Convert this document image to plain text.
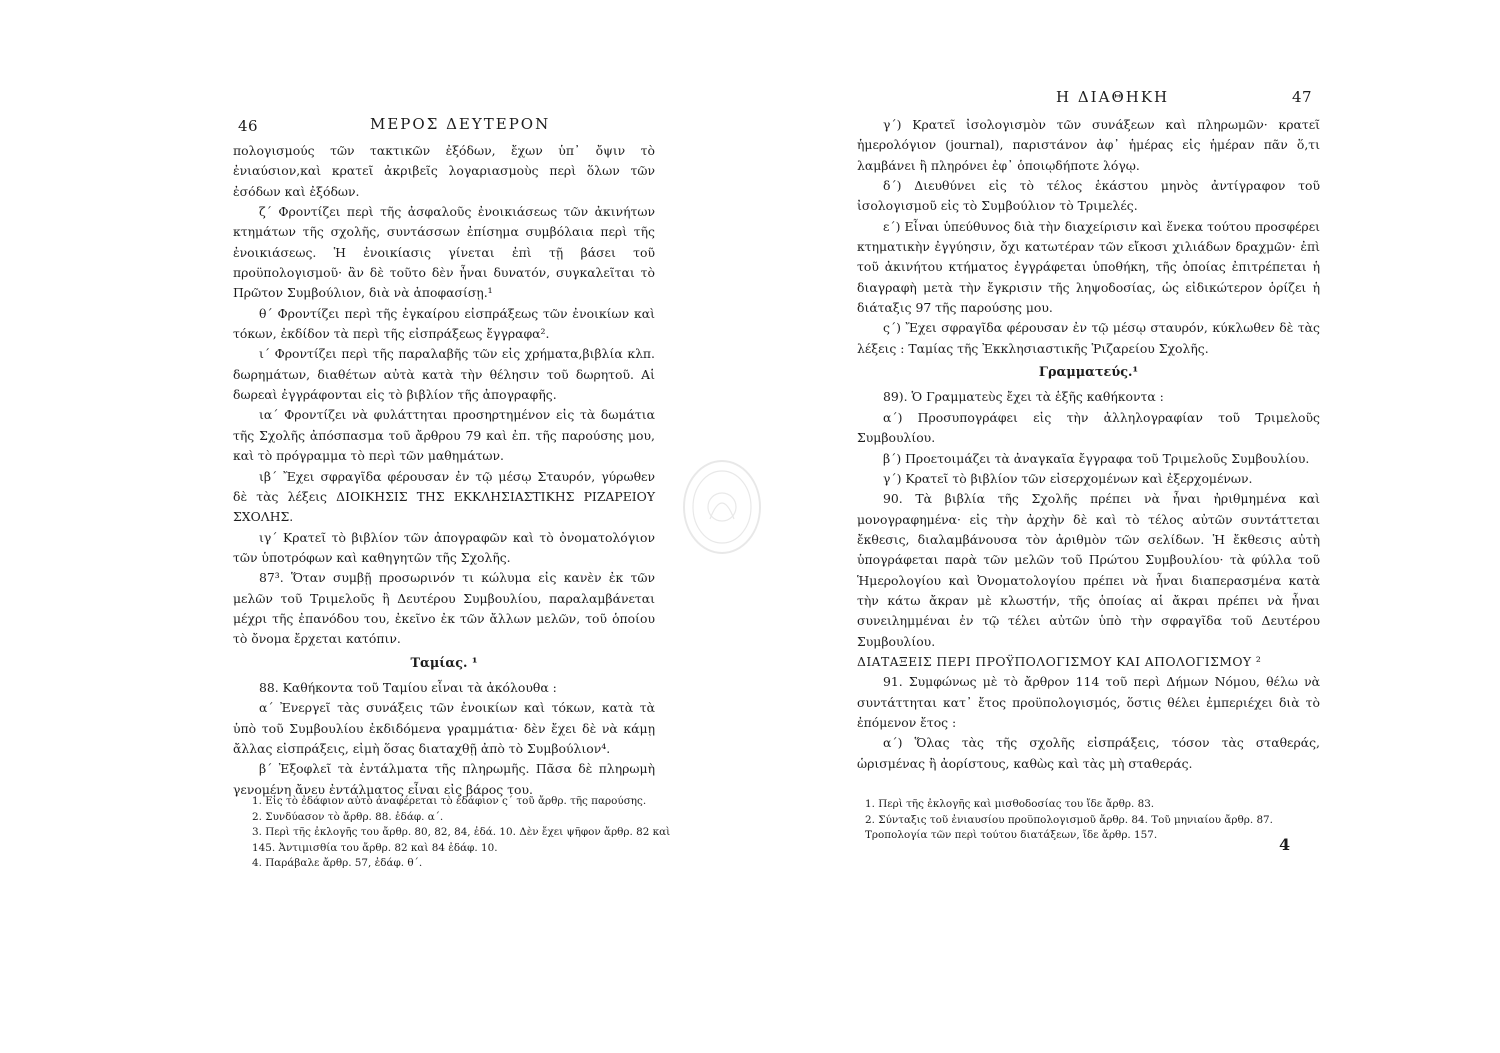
46	ΜΕΡΟΣ ΔΕΥΤΕΡΟΝ

πολογισμούς τῶν τακτικῶν ἐξόδων, ἔχων ὑπ᾽ ὄψιν τὸ ἐνιαύσιον,καὶ κρατεῖ ἀκριβεῖς λογαριασμοὺς περὶ ὅλων τῶν ἐσόδων καὶ ἐξόδων.

ζ΄ Φροντίζει περὶ τῆς ἀσφαλοῦς ἐνοικιάσεως τῶν ἀκινήτων κτημάτων τῆς σχολῆς, συντάσσων ἐπίσημα συμβόλαια περὶ τῆς ἐνοικιάσεως. Ἡ ἐνοικίασις γίνεται ἐπὶ τῇ βάσει τοῦ προϋπολογισμοῦ· ἂν δὲ τοῦτο δὲν ἦναι δυνατόν, συγκαλεῖται τὸ Πρῶτον Συμβούλιον, διὰ νὰ ἀποφασίσῃ.¹

θ΄ Φροντίζει περὶ τῆς ἐγκαίρου εἰσπράξεως τῶν ἐνοικίων καὶ τόκων, ἐκδίδον τὰ περὶ τῆς εἰσπράξεως ἔγγραφα².

ι΄ Φροντίζει περὶ τῆς παραλαβῆς τῶν εἰς χρήματα,βιβλία κλπ. δωρημάτων, διαθέτων αὐτὰ κατὰ τὴν θέλησιν τοῦ δωρητοῦ. Αἱ δωρεαὶ ἐγγράφονται εἰς τὸ βιβλίον τῆς ἀπογραφῆς.

ια΄ Φροντίζει νὰ φυλάττηται προσηρτημένον εἰς τὰ δωμάτια τῆς Σχολῆς ἀπόσπασμα τοῦ ἄρθρου 79 καὶ ἐπ. τῆς παρούσης μου, καὶ τὸ πρόγραμμα τὸ περὶ τῶν μαθημάτων.

ιβ΄ Ἔχει σφραγῖδα φέρουσαν ἐν τῷ μέσῳ Σταυρόν, γύρωθεν δὲ τὰς λέξεις ΔΙΟΙΚΗΣΙΣ ΤΗΣ ΕΚΚΛΗΣΙΑΣΤΙΚΗΣ ΡΙΖΑΡΕΙΟΥ ΣΧΟΛΗΣ.

ιγ΄ Κρατεῖ τὸ βιβλίον τῶν ἀπογραφῶν καὶ τὸ ὀνοματολόγιον τῶν ὑποτρόφων καὶ καθηγητῶν τῆς Σχολῆς.

87³. Ὅταν συμβῇ προσωρινόν τι κώλυμα εἰς κανὲν ἐκ τῶν μελῶν τοῦ Τριμελοῦς ἢ Δευτέρου Συμβουλίου, παραλαμβάνεται μέχρι τῆς ἐπανόδου του, ἐκεῖνο ἐκ τῶν ἄλλων μελῶν, τοῦ ὁποίου τὸ ὄνομα ἔρχεται κατόπιν.

Ταμίας. ¹

88. Καθήκοντα τοῦ Ταμίου εἶναι τὰ ἀκόλουθα :

α΄ Ἐνεργεῖ τὰς συνάξεις τῶν ἐνοικίων καὶ τόκων, κατὰ τὰ ὑπὸ τοῦ Συμβουλίου ἐκδιδόμενα γραμμάτια· δὲν ἔχει δὲ νὰ κάμῃ ἄλλας εἰσπράξεις, εἰμὴ ὅσας διαταχθῇ ἀπὸ τὸ Συμβούλιον⁴.

β΄ Ἐξοφλεῖ τὰ ἐντάλματα τῆς πληρωμῆς. Πᾶσα δὲ πληρωμὴ γενομένη ἄνευ ἐντάλματος εἶναι εἰς βάρος του.

1. Εἰς τὸ ἐδάφιον αὐτὸ ἀναφέρεται τὸ ἐδάφιον ς΄ τοῦ ἄρθρ. τῆς παρούσης.

2. Συνδύασον τὸ ἄρθρ. 88. ἐδάφ. α΄.

3. Περὶ τῆς ἐκλογῆς του ἄρθρ. 80, 82, 84, ἐδά. 10. Δὲν ἔχει ψῆφον ἄρθρ. 82 καὶ 145. Ἀντιμισθία του ἄρθρ. 82 καὶ 84 ἐδάφ. 10.

4. Παράβαλε ἄρθρ. 57, ἐδάφ. θ΄.

Η ΔΙΑΘΗΚΗ	47

γ΄) Κρατεῖ ἰσολογισμὸν τῶν συνάξεων καὶ πληρωμῶν· κρατεῖ ἡμερολόγιον (journal), παριστάνον ἀφ᾽ ἡμέρας εἰς ἡμέραν πᾶν ὅ,τι λαμβάνει ἢ πληρόνει ἐφ᾽ ὁποιῳδήποτε λόγῳ.

δ΄) Διευθύνει εἰς τὸ τέλος ἑκάστου μηνὸς ἀντίγραφον τοῦ ἰσολογισμοῦ εἰς τὸ Συμβούλιον τὸ Τριμελές.

ε΄) Εἶναι ὑπεύθυνος διὰ τὴν διαχείρισιν καὶ ἕνεκα τούτου προσφέρει κτηματικὴν ἐγγύησιν, ὄχι κατωτέραν τῶν εἴκοσι χιλιάδων δραχμῶν· ἐπὶ τοῦ ἀκινήτου κτήματος ἐγγράφεται ὑποθήκη, τῆς ὁποίας ἐπιτρέπεται ἡ διαγραφὴ μετὰ τὴν ἔγκρισιν τῆς ληψοδοσίας, ὡς εἰδικώτερον ὁρίζει ἡ διάταξις 97 τῆς παρούσης μου.

ς΄) Ἔχει σφραγῖδα φέρουσαν ἐν τῷ μέσῳ σταυρόν, κύκλωθεν δὲ τὰς λέξεις : Ταμίας τῆς Ἐκκλησιαστικῆς Ῥιζαρείου Σχολῆς.

Γραμματεύς.¹

89). Ὁ Γραμματεὺς ἔχει τὰ ἑξῆς καθήκοντα :

α΄) Προσυπογράφει εἰς τὴν ἀλληλογραφίαν τοῦ Τριμελοῦς Συμβουλίου.

β΄) Προετοιμάζει τὰ ἀναγκαῖα ἔγγραφα τοῦ Τριμελοῦς Συμβουλίου.

γ΄) Κρατεῖ τὸ βιβλίον τῶν εἰσερχομένων καὶ ἐξερχομένων.

90. Τὰ βιβλία τῆς Σχολῆς πρέπει νὰ ἦναι ἠριθμημένα καὶ μονογραφημένα· εἰς τὴν ἀρχὴν δὲ καὶ τὸ τέλος αὐτῶν συντάττεται ἔκθεσις, διαλαμβάνουσα τὸν ἀριθμὸν τῶν σελίδων. Ἡ ἔκθεσις αὐτὴ ὑπογράφεται παρὰ τῶν μελῶν τοῦ Πρώτου Συμβουλίου· τὰ φύλλα τοῦ Ἡμερολογίου καὶ Ὀνοματολογίου πρέπει νὰ ἦναι διαπερασμένα κατὰ τὴν κάτω ἄκραν μὲ κλωστήν, τῆς ὁποίας αἱ ἄκραι πρέπει νὰ ἦναι συνειλημμέναι ἐν τῷ τέλει αὐτῶν ὑπὸ τὴν σφραγῖδα τοῦ Δευτέρου Συμβουλίου.

ΔΙΑΤΑΞΕΙΣ ΠΕΡΙ ΠΡΟΫΠΟΛΟΓΙΣΜΟΥ ΚΑΙ ΑΠΟΛΟΓΙΣΜΟΥ ²

91. Συμφώνως μὲ τὸ ἄρθρον 114 τοῦ περὶ Δήμων Νόμου, θέλω νὰ συντάττηται κατ᾽ ἔτος προϋπολογισμός, ὅστις θέλει ἐμπεριέχει διὰ τὸ ἐπόμενον ἔτος :

α΄) Ὅλας τὰς τῆς σχολῆς εἰσπράξεις, τόσον τὰς σταθεράς, ὡρισμένας ἢ ἀορίστους, καθὼς καὶ τὰς μὴ σταθεράς.

1. Περὶ τῆς ἐκλογῆς καὶ μισθοδοσίας του ἴδε ἄρθρ. 83.

2. Σύνταξις τοῦ ἐνιαυσίου προϋπολογισμοῦ ἄρθρ. 84. Τοῦ μηνιαίου ἄρθρ. 87. Τροπολογία τῶν περὶ τούτου διατάξεων, ἴδε ἄρθρ. 157.	4
